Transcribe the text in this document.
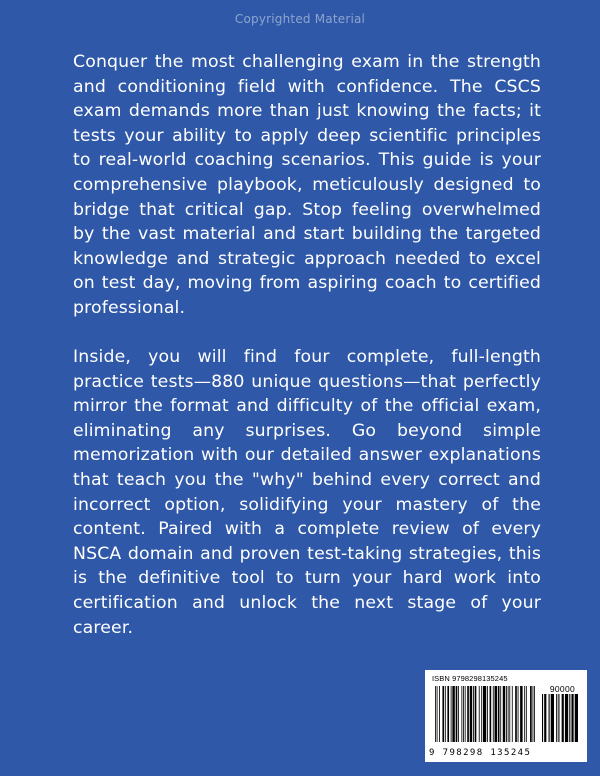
Copyrighted Material

Conquer the most challenging exam in the strength and conditioning field with confidence. The CSCS exam demands more than just knowing the facts; it tests your ability to apply deep scientific principles to real-world coaching scenarios. This guide is your comprehensive playbook, meticulously designed to bridge that critical gap. Stop feeling overwhelmed by the vast material and start building the targeted knowledge and strategic approach needed to excel on test day, moving from aspiring coach to certified professional.

Inside, you will find four complete, full-length practice tests—880 unique questions—that perfectly mirror the format and difficulty of the official exam, eliminating any surprises. Go beyond simple memorization with our detailed answer explanations that teach you the "why" behind every correct and incorrect option, solidifying your mastery of the content. Paired with a complete review of every NSCA domain and proven test-taking strategies, this is the definitive tool to turn your hard work into certification and unlock the next stage of your career.

ISBN 9798298135245
90000
9 798298 135245
